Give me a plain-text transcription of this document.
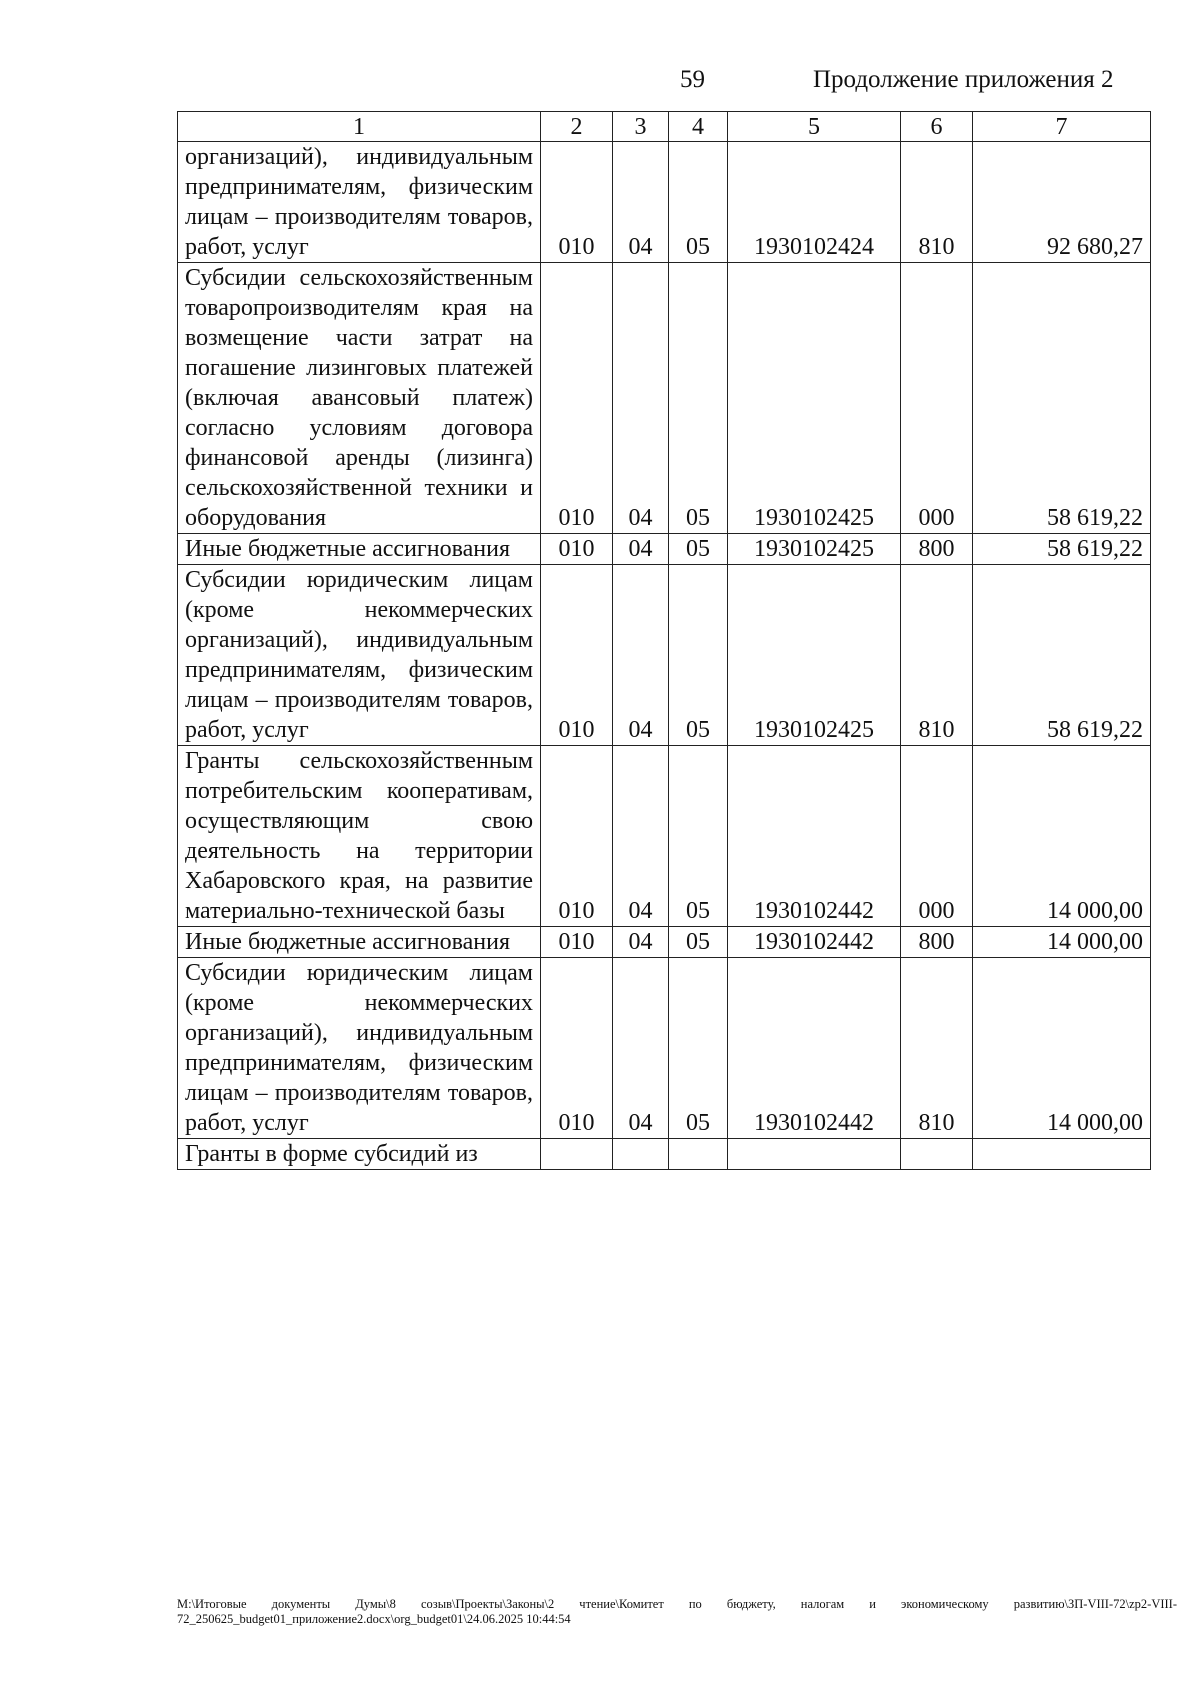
59	Продолжение приложения 2
1	2	3	4	5	6	7
организаций), индивидуальным предпринимателям, физическим лицам – производителям товаров, работ, услуг	010	04	05	1930102424	810	92 680,27
Субсидии сельскохозяйственным товаропроизводителям края на возмещение части затрат на погашение лизинговых платежей (включая авансовый платеж) согласно условиям договора финансовой аренды (лизинга) сельскохозяйственной техники и оборудования	010	04	05	1930102425	000	58 619,22
Иные бюджетные ассигнования	010	04	05	1930102425	800	58 619,22
Субсидии юридическим лицам (кроме некоммерческих организаций), индивидуальным предпринимателям, физическим лицам – производителям товаров, работ, услуг	010	04	05	1930102425	810	58 619,22
Гранты сельскохозяйственным потребительским кооперативам, осуществляющим свою деятельность на территории Хабаровского края, на развитие материально-технической базы	010	04	05	1930102442	000	14 000,00
Иные бюджетные ассигнования	010	04	05	1930102442	800	14 000,00
Субсидии юридическим лицам (кроме некоммерческих организаций), индивидуальным предпринимателям, физическим лицам – производителям товаров, работ, услуг	010	04	05	1930102442	810	14 000,00
Гранты в форме субсидий из						
M:\Итоговые документы Думы\8 созыв\Проекты\Законы\2 чтение\Комитет по бюджету, налогам и экономическому развитию\ЗП-VIII-72\zp2-VIII-72_250625_budget01_приложение2.docx\org_budget01\24.06.2025 10:44:54
